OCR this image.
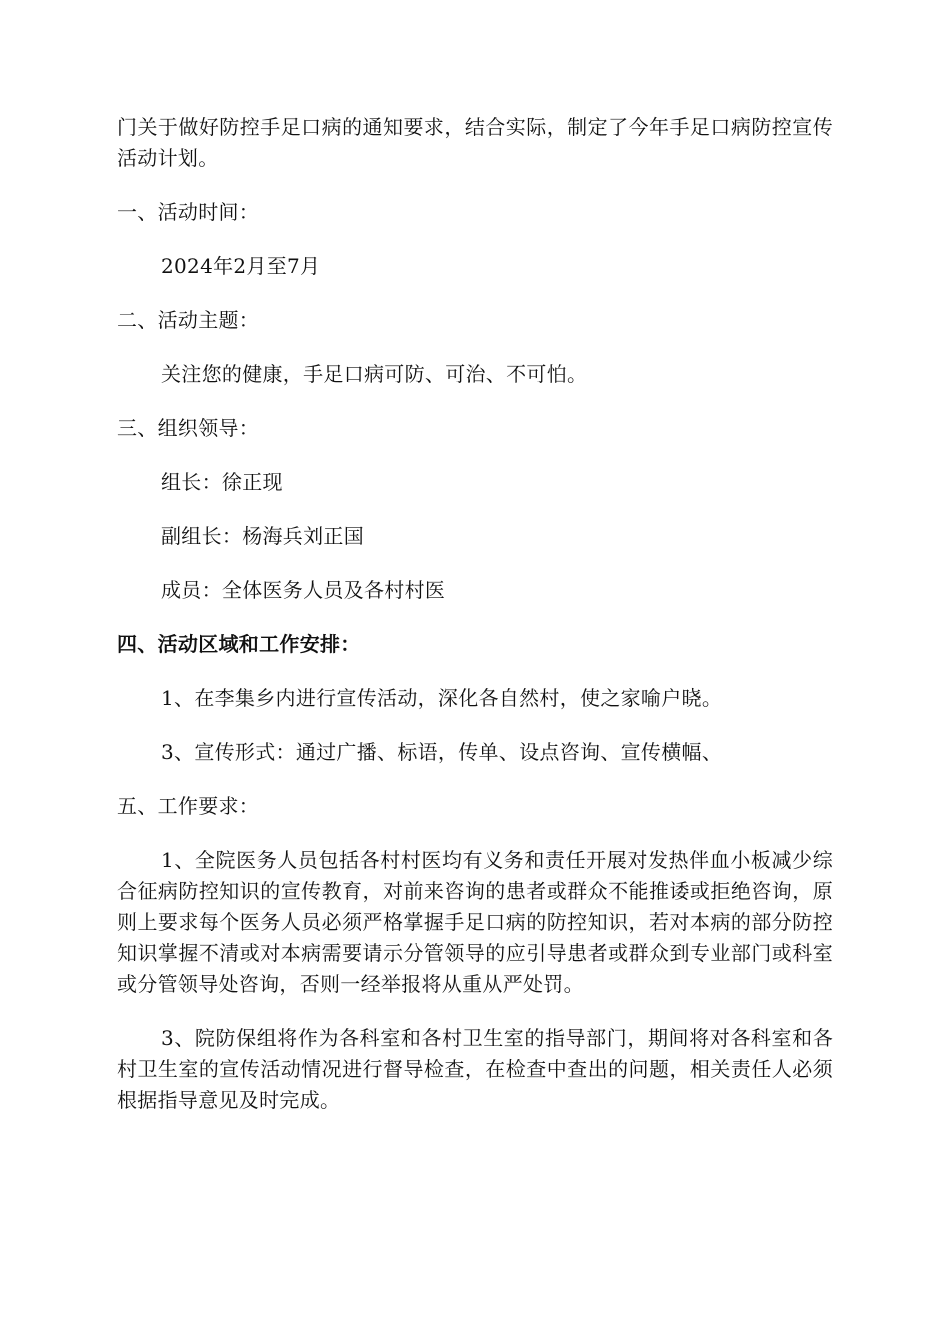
门关于做好防控手足口病的通知要求，结合实际，制定了今年手足口病防控宣传活动计划。

一、活动时间：

2024年2月至7月

二、活动主题：

关注您的健康，手足口病可防、可治、不可怕。

三、组织领导：

组长：徐正现

副组长：杨海兵刘正国

成员：全体医务人员及各村村医

四、活动区域和工作安排：

1、在李集乡内进行宣传活动，深化各自然村，使之家喻户晓。

3、宣传形式：通过广播、标语，传单、设点咨询、宣传横幅、

五、工作要求：

1、全院医务人员包括各村村医均有义务和责任开展对发热伴血小板减少综合征病防控知识的宣传教育，对前来咨询的患者或群众不能推诿或拒绝咨询，原则上要求每个医务人员必须严格掌握手足口病的防控知识，若对本病的部分防控知识掌握不清或对本病需要请示分管领导的应引导患者或群众到专业部门或科室或分管领导处咨询，否则一经举报将从重从严处罚。

3、院防保组将作为各科室和各村卫生室的指导部门，期间将对各科室和各村卫生室的宣传活动情况进行督导检查，在检查中查出的问题，相关责任人必须根据指导意见及时完成。
